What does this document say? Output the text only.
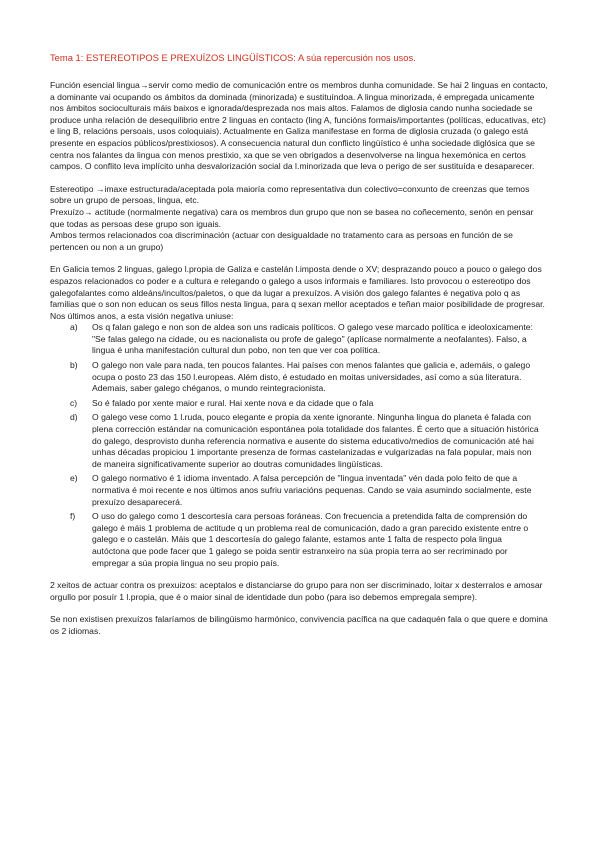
Tema 1: ESTEREOTIPOS E PREXUÍZOS LINGÜÍSTICOS: A súa repercusión nos usos.

Función esencial lingua→servir como medio de comunicación entre os membros dunha comunidade. Se hai 2 linguas en contacto, a dominante vai ocupando os ámbitos da dominada (minorizada) e sustituíndoa. A lingua minorizada, é empregada unicamente nos ámbitos socioculturais máis baixos e ignorada/desprezada nos mais altos. Falamos de diglosia cando nunha sociedade se produce unha relación de desequilibrio entre 2 linguas en contacto (ling A, funcións formais/importantes (políticas, educativas, etc) e ling B, relacións persoais, usos coloquiais). Actualmente en Galiza manifestase en forma de diglosia cruzada (o galego está presente en espacios públicos/prestixiosos). A consecuencia natural dun conflicto lingüístico é unha sociedade diglósica que se centra nos falantes da lingua con menos prestixio, xa que se ven obrigados a desenvolverse na lingua hexemónica en certos campos. O conflito leva implícito unha desvalorización social da l.minorizada que leva o perigo de ser sustituída e desaparecer.

Estereotipo →imaxe estructurada/aceptada pola maioría como representativa dun colectivo=conxunto de creenzas que temos sobre un grupo de persoas, lingua, etc.

Prexuízo→ actitude (normalmente negativa) cara os membros dun grupo que non se basea no coñecemento, senón en pensar que todas as persoas dese grupo son iguais.

Ambos termos relacionados coa discriminación (actuar con desigualdade no tratamento cara as persoas en función de se pertencen ou non a un grupo)

En Galicia temos 2 linguas, galego l.propia de Galiza e castelán l.imposta dende o XV; desprazando pouco a pouco o galego dos espazos relacionados co poder e a cultura e relegando o galego a usos informais e familiares. Isto provocou o estereotipo dos galegofalantes como aldeáns/incultos/paletos, o que da lugar a prexuízos. A visión dos galego falantes é negativa polo q as familias que o son non educan os seus fillos nesta lingua, para q sexan mellor aceptados e teñan maior posibilidade de progresar. Nos últimos anos, a esta visión negativa uniuse:

a)	Os q falan galego e non son de aldea son uns radicais políticos. O galego vese marcado política e ideoloxicamente: "Se falas galego na cidade, ou es nacionalista ou profe de galego" (aplícase normalmente a neofalantes). Falso, a lingua é unha manifestación cultural dun pobo, non ten que ver coa política.
b)	O galego non vale para nada, ten poucos falantes. Hai países con menos falantes que galicia e, ademáis, o galego ocupa o posto 23 das 150 l.europeas. Além disto, é estudado en moitas universidades, así como a súa literatura. Ademais, saber galego chéganos, o mundo reintegracionista.
c)	So é falado por xente maior e rural. Hai xente nova e da cidade que o fala
d)	O galego vese como 1 l.ruda, pouco elegante e propia da xente ignorante. Ningunha lingua do planeta é falada con plena corrección estándar na comunicación espontánea pola totalidade dos falantes. É certo que a situación histórica do galego, desprovisto dunha referencia normativa e ausente do sistema educativo/medios de comunicación até hai unhas décadas propiciou 1 importante presenza de formas castelanizadas e vulgarizadas na fala popular, mais non de maneira significativamente superior ao doutras comunidades lingüísticas.
e)	O galego normativo é 1 idioma inventado. A falsa percepción de "lingua inventada" vén dada polo feito de que a normativa é moi recente e nos últimos anos sufriu variacións pequenas. Cando se vaia asumindo socialmente, este prexuízo desaparecerá.
f)	O uso do galego como 1 descortesía cara persoas foráneas. Con frecuencia a pretendida falta de comprensión do galego é máis 1 problema de actitude q un problema real de comunicación, dado a gran parecido existente entre o galego e o castelán. Máis que 1 descortesía do galego falante, estamos ante 1 falta de respecto pola lingua autóctona que pode facer que 1 galego se poida sentir estranxeiro na súa propia terra ao ser recriminado por empregar a súa propia lingua no seu propio país.

2 xeitos de actuar contra os prexuizos: aceptalos e distanciarse do grupo para non ser discriminado, loitar x desterralos e amosar orgullo por posuír 1 l.propia, que é o maior sinal de identidade dun pobo (para iso debemos empregala sempre).

Se non existisen prexuízos falaríamos de bilingüismo harmónico, convivencia pacífica na que cadaquén fala o que quere e domina os 2 idiomas.
